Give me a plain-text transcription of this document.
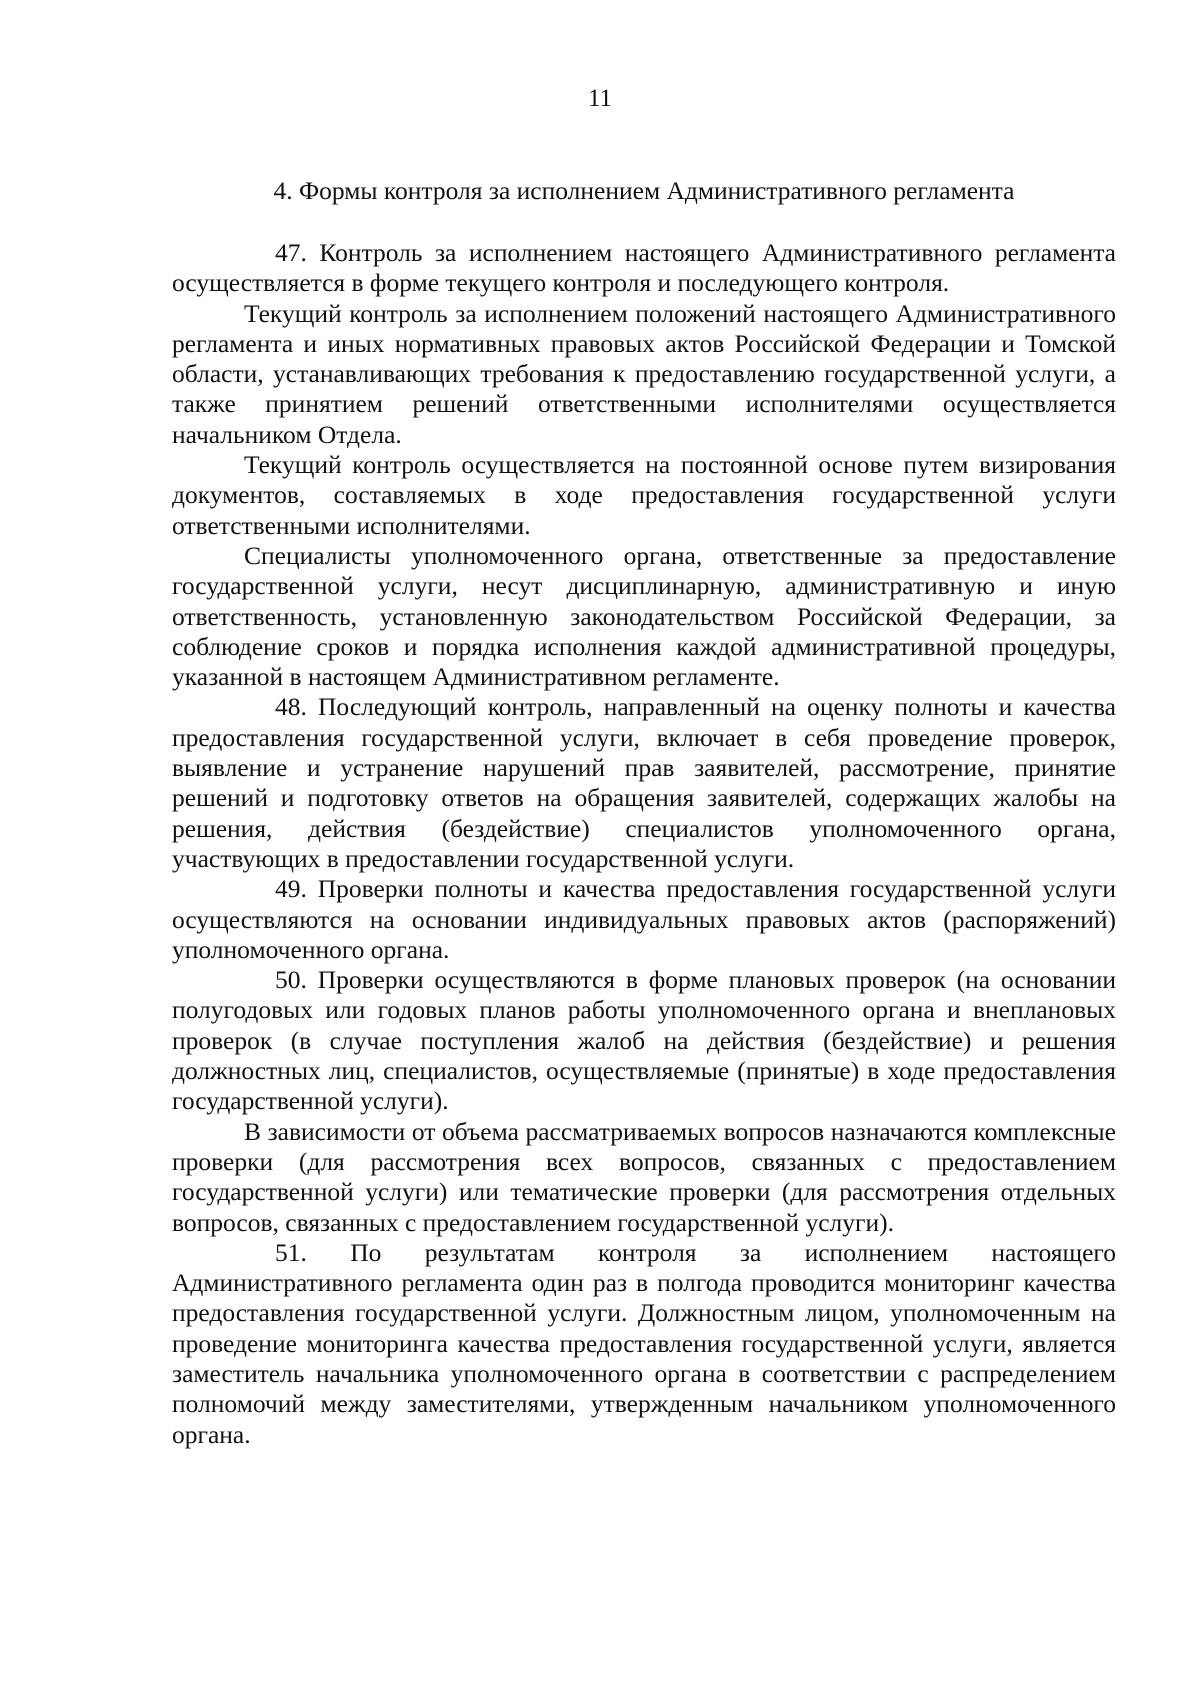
11
4. Формы контроля за исполнением Административного регламента

47. Контроль за исполнением настоящего Административного регламента осуществляется в форме текущего контроля и последующего контроля.

Текущий контроль за исполнением положений настоящего Административного регламента и иных нормативных правовых актов Российской Федерации и Томской области, устанавливающих требования к предоставлению государственной услуги, а также принятием решений ответственными исполнителями осуществляется начальником Отдела.

Текущий контроль осуществляется на постоянной основе путем визирования документов, составляемых в ходе предоставления государственной услуги ответственными исполнителями.

Специалисты уполномоченного органа, ответственные за предоставление государственной услуги, несут дисциплинарную, административную и иную ответственность, установленную законодательством Российской Федерации, за соблюдение сроков и порядка исполнения каждой административной процедуры, указанной в настоящем Административном регламенте.

48. Последующий контроль, направленный на оценку полноты и качества предоставления государственной услуги, включает в себя проведение проверок, выявление и устранение нарушений прав заявителей, рассмотрение, принятие решений и подготовку ответов на обращения заявителей, содержащих жалобы на решения, действия (бездействие) специалистов уполномоченного органа, участвующих в предоставлении государственной услуги.

49. Проверки полноты и качества предоставления государственной услуги осуществляются на основании индивидуальных правовых актов (распоряжений) уполномоченного органа.

50. Проверки осуществляются в форме плановых проверок (на основании полугодовых или годовых планов работы уполномоченного органа и внеплановых проверок (в случае поступления жалоб на действия (бездействие) и решения должностных лиц, специалистов, осуществляемые (принятые) в ходе предоставления государственной услуги).

В зависимости от объема рассматриваемых вопросов назначаются комплексные проверки (для рассмотрения всех вопросов, связанных с предоставлением государственной услуги) или тематические проверки (для рассмотрения отдельных вопросов, связанных с предоставлением государственной услуги).

51. По результатам контроля за исполнением настоящего Административного регламента один раз в полгода проводится мониторинг качества предоставления государственной услуги. Должностным лицом, уполномоченным на проведение мониторинга качества предоставления государственной услуги, является заместитель начальника уполномоченного органа в соответствии с распределением полномочий между заместителями, утвержденным начальником уполномоченного органа.
